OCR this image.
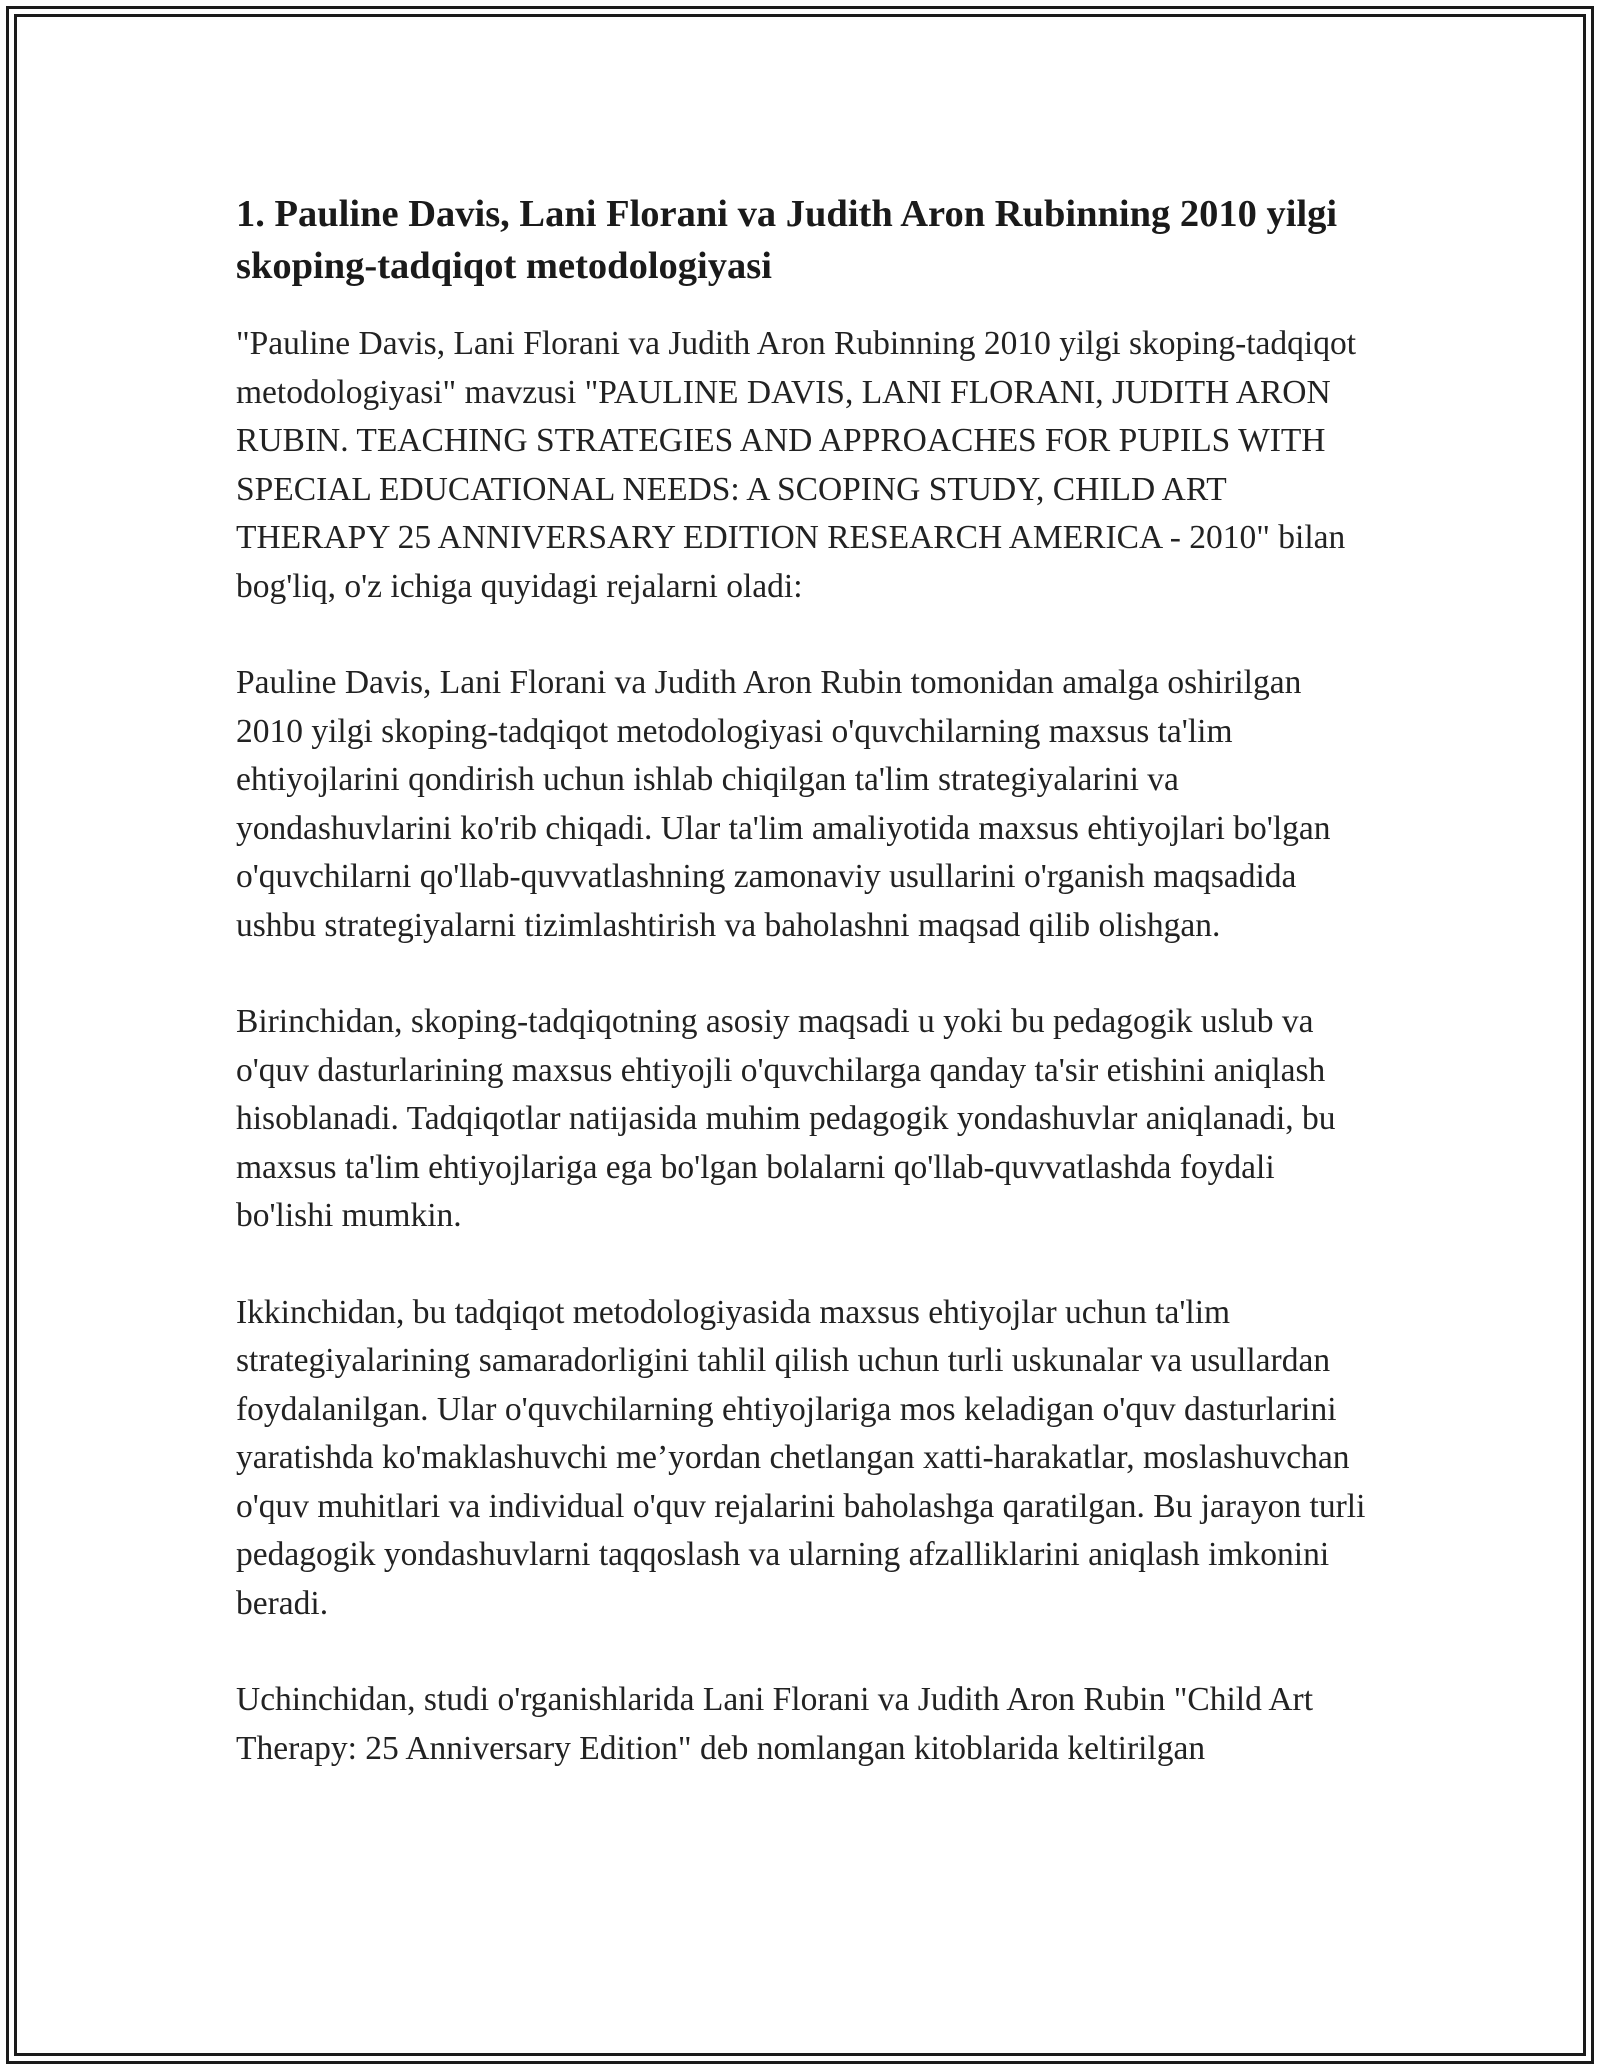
1. Pauline Davis, Lani Florani va Judith Aron Rubinning 2010 yilgi skoping-tadqiqot metodologiyasi

"Pauline Davis, Lani Florani va Judith Aron Rubinning 2010 yilgi skoping-tadqiqot metodologiyasi" mavzusi "PAULINE DAVIS, LANI FLORANI, JUDITH ARON RUBIN. TEACHING STRATEGIES AND APPROACHES FOR PUPILS WITH SPECIAL EDUCATIONAL NEEDS: A SCOPING STUDY, CHILD ART THERAPY 25 ANNIVERSARY EDITION RESEARCH AMERICA - 2010" bilan bog'liq, o'z ichiga quyidagi rejalarni oladi:

Pauline Davis, Lani Florani va Judith Aron Rubin tomonidan amalga oshirilgan 2010 yilgi skoping-tadqiqot metodologiyasi o'quvchilarning maxsus ta'lim ehtiyojlarini qondirish uchun ishlab chiqilgan ta'lim strategiyalarini va yondashuvlarini ko'rib chiqadi. Ular ta'lim amaliyotida maxsus ehtiyojlari bo'lgan o'quvchilarni qo'llab-quvvatlashning zamonaviy usullarini o'rganish maqsadida ushbu strategiyalarni tizimlashtirish va baholashni maqsad qilib olishgan.

Birinchidan, skoping-tadqiqotning asosiy maqsadi u yoki bu pedagogik uslub va o'quv dasturlarining maxsus ehtiyojli o'quvchilarga qanday ta'sir etishini aniqlash hisoblanadi. Tadqiqotlar natijasida muhim pedagogik yondashuvlar aniqlanadi, bu maxsus ta'lim ehtiyojlariga ega bo'lgan bolalarni qo'llab-quvvatlashda foydali bo'lishi mumkin.

Ikkinchidan, bu tadqiqot metodologiyasida maxsus ehtiyojlar uchun ta'lim strategiyalarining samaradorligini tahlil qilish uchun turli uskunalar va usullardan foydalanilgan. Ular o'quvchilarning ehtiyojlariga mos keladigan o'quv dasturlarini yaratishda ko'maklashuvchi me’yordan chetlangan xatti-harakatlar, moslashuvchan o'quv muhitlari va individual o'quv rejalarini baholashga qaratilgan. Bu jarayon turli pedagogik yondashuvlarni taqqoslash va ularning afzalliklarini aniqlash imkonini beradi.

Uchinchidan, studi o'rganishlarida Lani Florani va Judith Aron Rubin "Child Art Therapy: 25 Anniversary Edition" deb nomlangan kitoblarida keltirilgan
